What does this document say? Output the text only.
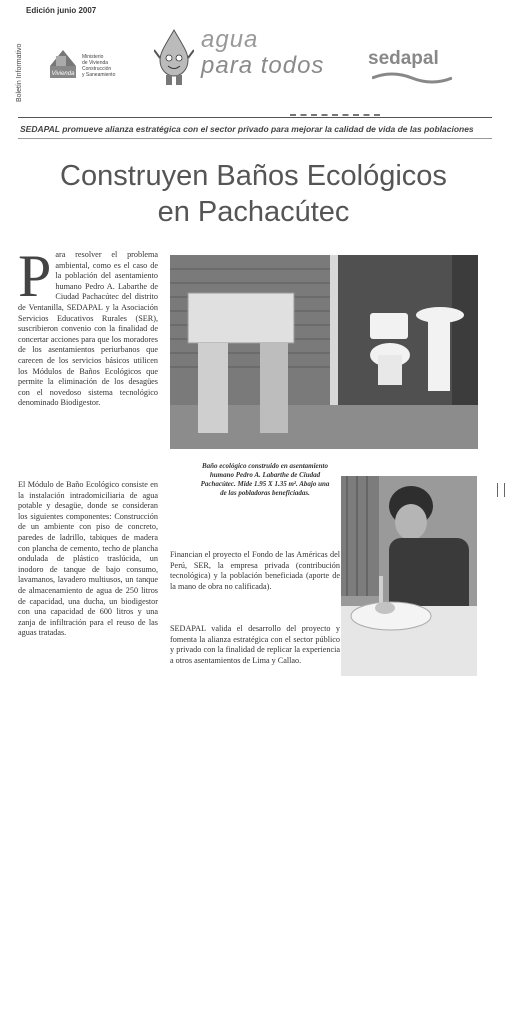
Edición junio 2007
Boletín Informativo	Vivienda
Ministerio
de Vivienda
Construcción
y Saneamiento
agua
para todos sedapal
SEDAPAL promueve alianza estratégica con el sector privado para mejorar la calidad de vida de las poblaciones
Construyen Baños Ecológicos
en Pachacútec
P ara resolver el problema ambiental, como es el caso de la población del asentamiento humano Pedro A. Labarthe de Ciudad Pachacútec del distrito de Ventanilla, SEDAPAL y la Asociación Servicios Educativos Rurales (SER), suscribieron convenio con la finalidad de concertar acciones para que los moradores de los asentamientos periurbanos que carecen de los servicios básicos utilicen los Módulos de Baños Ecológicos que permite la eliminación de los desagües con el novedoso sistema tecnológico denominado Biodigestor.
El Módulo de Baño Ecológico consiste en la instalación intradomiciliaria de agua potable y desagüe, donde se consideran los siguientes componentes: Construcción de un ambiente con piso de concreto, paredes de ladrillo, tabiques de madera con plancha de cemento, techo de plancha ondulada de plástico traslúcida, un inodoro de tanque de bajo consumo, lavamanos, lavadero multiusos, un tanque de almacenamiento de agua de 250 litros de capacidad, una ducha, un biodigestor con una capacidad de 600 litros y una zanja de infiltración para el reuso de las aguas tratadas.
Baño ecológico construido en asentamiento humano Pedro A. Labarthe de Ciudad Pachacútec. Mide 1.95 X 1.35 m². Abajo una de las pobladoras beneficiadas.
Financian el proyecto el Fondo de las Américas del Perú, SER, la empresa privada (contribución tecnológica) y la población beneficiada (aporte de la mano de obra no calificada).
SEDAPAL valida el desarrollo del proyecto y fomenta la alianza estratégica con el sector público y privado con la finalidad de replicar la experiencia a otros asentamientos de Lima y Callao.
